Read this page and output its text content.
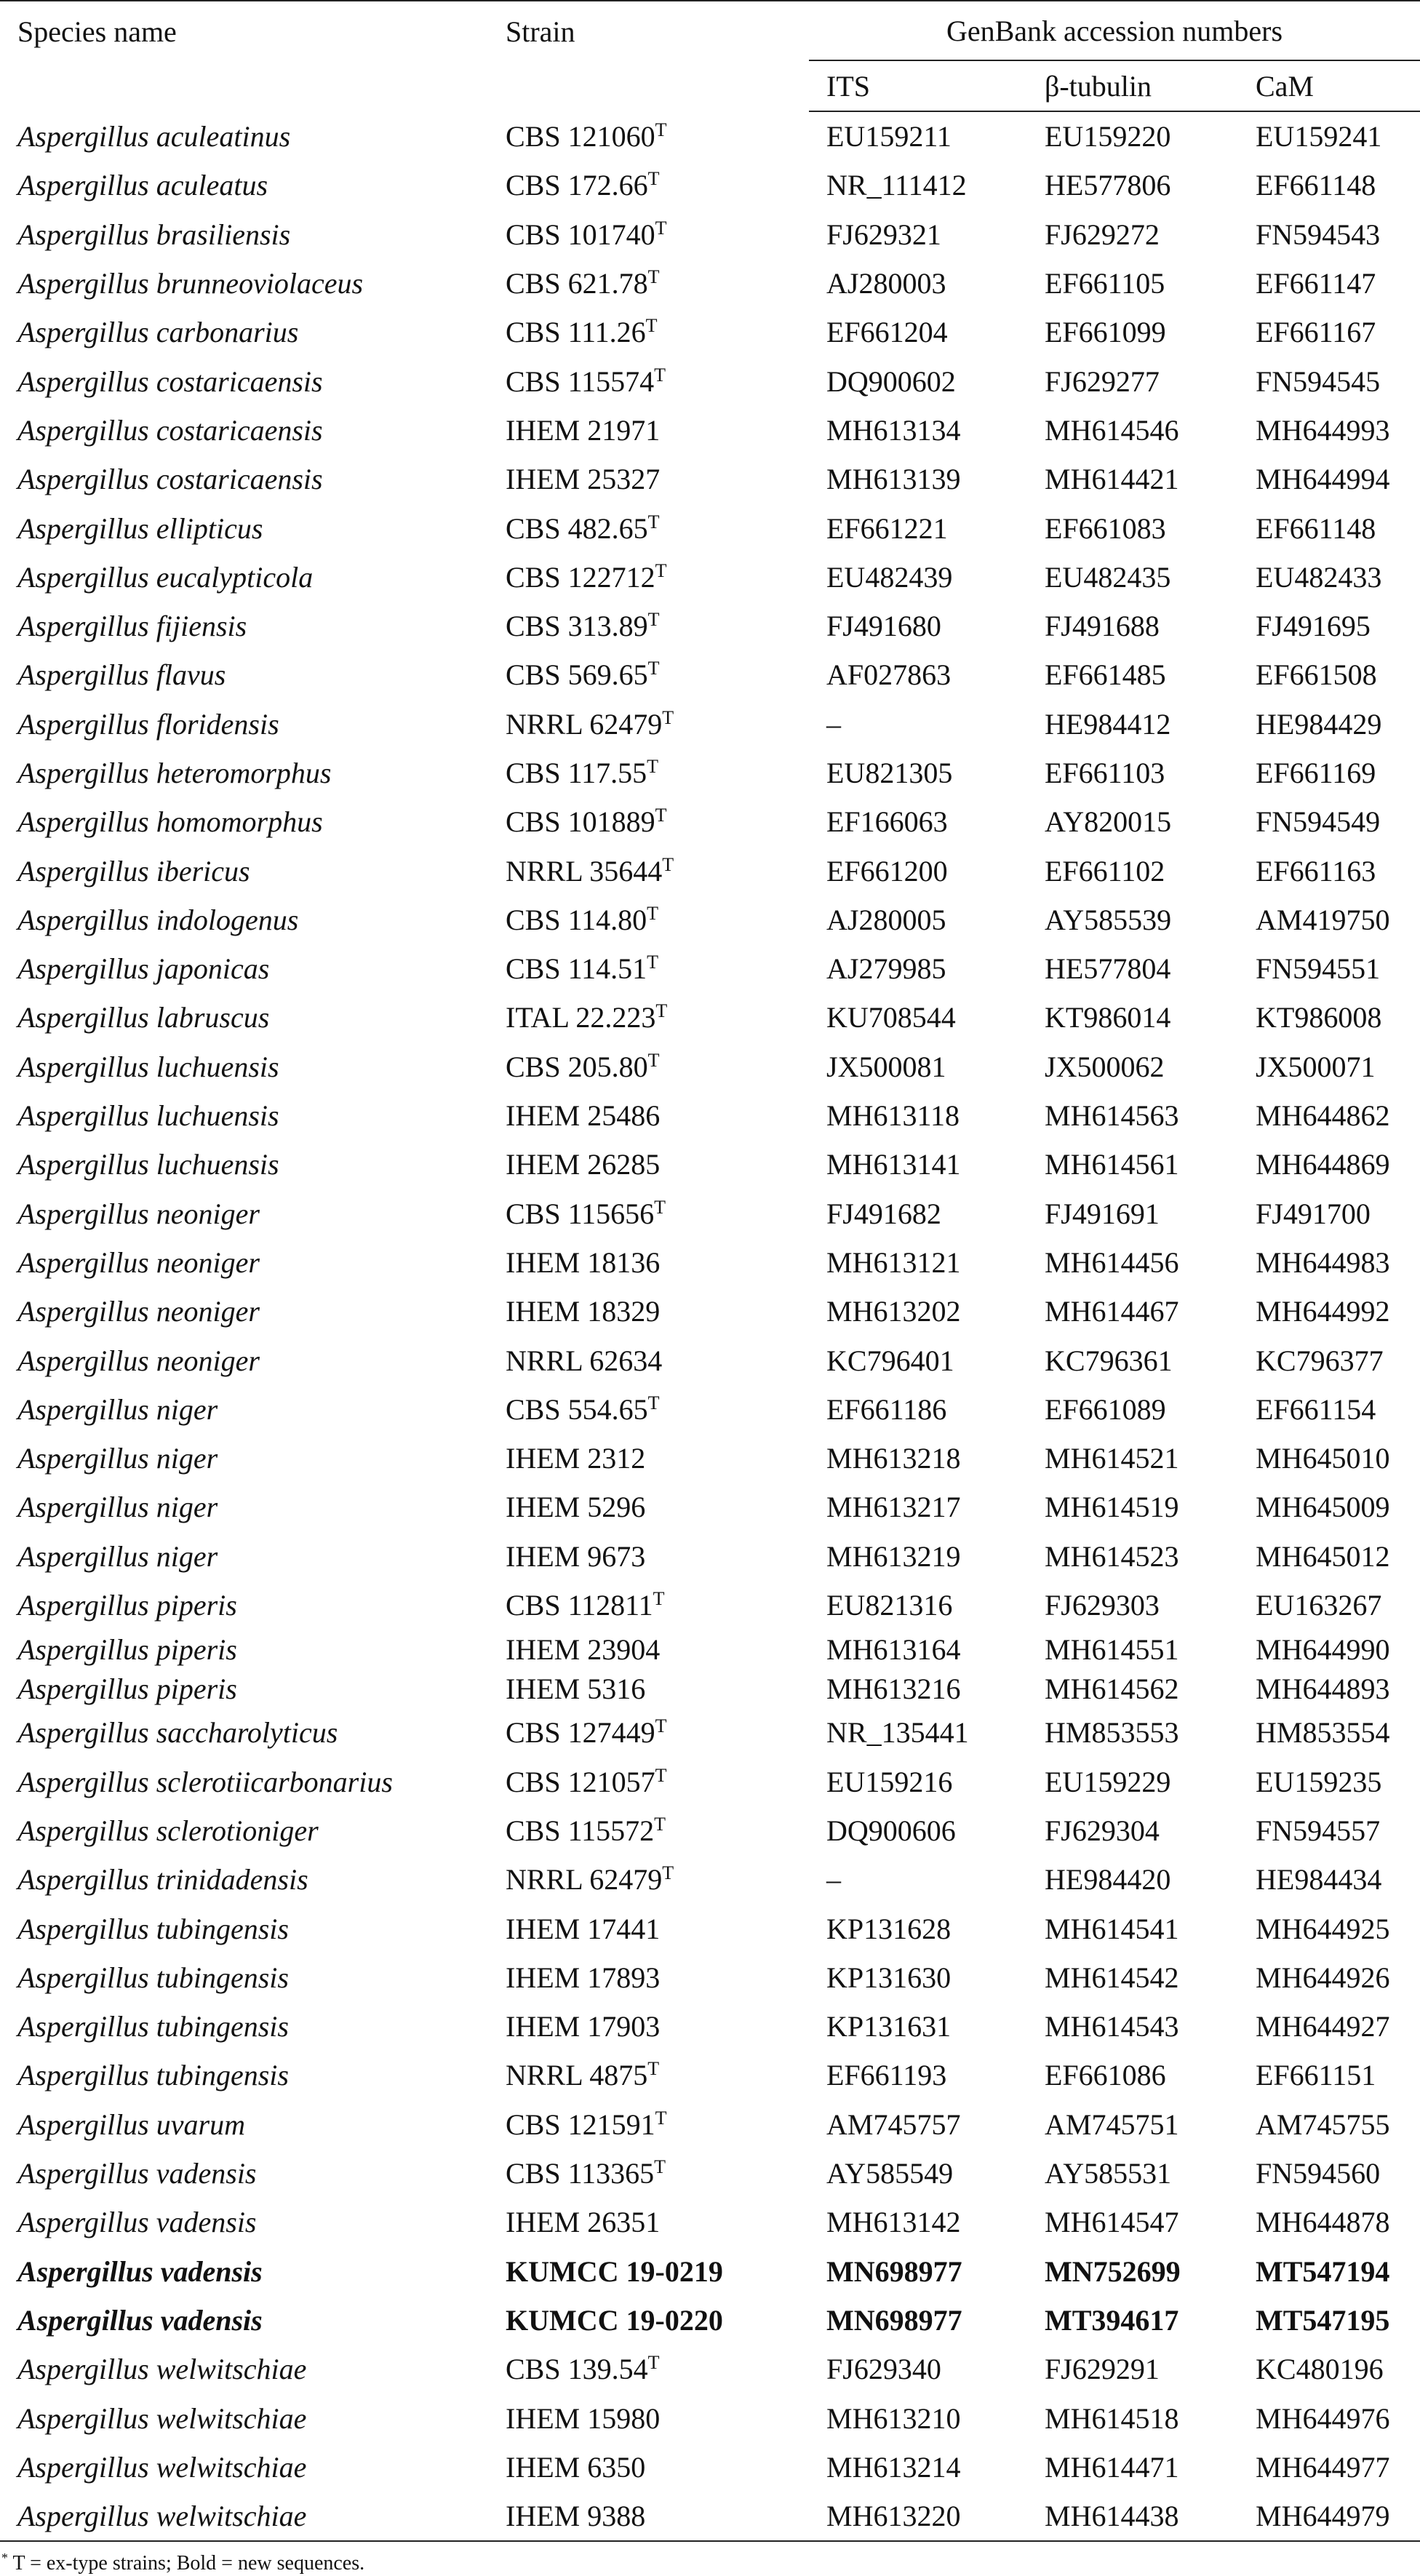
Species name	Strain	GenBank accession numbers		
		ITS	β-tubulin	CaM
Aspergillus aculeatinus	CBS $121060^T$	EU159211	EU159220	EU159241
Aspergillus aculeatus	CBS $172.66^T$	NR_111412	HE577806	EF661148
Aspergillus brasiliensis	CBS $101740^T$	FJ629321	FJ629272	FN594543
Aspergillus brunneoviolaceus	CBS $621.78^T$	AJ280003	EF661105	EF661147
Aspergillus carbonarius	CBS $111.26^T$	EF661204	EF661099	EF661167
Aspergillus costaricaensis	CBS $115574^T$	DQ900602	FJ629277	FN594545
Aspergillus costaricaensis	IHEM 21971	MH613134	MH614546	MH644993
Aspergillus costaricaensis	IHEM 25327	MH613139	MH614421	MH644994
Aspergillus ellipticus	CBS $482.65^T$	EF661221	EF661083	EF661148
Aspergillus eucalypticola	CBS $122712^T$	EU482439	EU482435	EU482433
Aspergillus fijiensis	CBS $313.89^T$	FJ491680	FJ491688	FJ491695
Aspergillus flavus	CBS $569.65^T$	AF027863	EF661485	EF661508
Aspergillus floridensis	NRRL $62479^T$	–	HE984412	HE984429
Aspergillus heteromorphus	CBS $117.55^T$	EU821305	EF661103	EF661169
Aspergillus homomorphus	CBS $101889^T$	EF166063	AY820015	FN594549
Aspergillus ibericus	NRRL $35644^T$	EF661200	EF661102	EF661163
Aspergillus indologenus	CBS $114.80^T$	AJ280005	AY585539	AM419750
Aspergillus japonicas	CBS $114.51^T$	AJ279985	HE577804	FN594551
Aspergillus labruscus	ITAL $22.223^T$	KU708544	KT986014	KT986008
Aspergillus luchuensis	CBS $205.80^T$	JX500081	JX500062	JX500071
Aspergillus luchuensis	IHEM 25486	MH613118	MH614563	MH644862
Aspergillus luchuensis	IHEM 26285	MH613141	MH614561	MH644869
Aspergillus neoniger	CBS $115656^T$	FJ491682	FJ491691	FJ491700
Aspergillus neoniger	IHEM 18136	MH613121	MH614456	MH644983
Aspergillus neoniger	IHEM 18329	MH613202	MH614467	MH644992
Aspergillus neoniger	NRRL 62634	KC796401	KC796361	KC796377
Aspergillus niger	CBS $554.65^T$	EF661186	EF661089	EF661154
Aspergillus niger	IHEM 2312	MH613218	MH614521	MH645010
Aspergillus niger	IHEM 5296	MH613217	MH614519	MH645009
Aspergillus niger	IHEM 9673	MH613219	MH614523	MH645012
Aspergillus piperis	CBS $112811^T$	EU821316	FJ629303	EU163267
Aspergillus piperis	IHEM 23904	MH613164	MH614551	MH644990
Aspergillus piperis	IHEM 5316	MH613216	MH614562	MH644893
Aspergillus saccharolyticus	CBS $127449^T$	NR_135441	HM853553	HM853554
Aspergillus sclerotiicarbonarius	CBS $121057^T$	EU159216	EU159229	EU159235
Aspergillus sclerotioniger	CBS $115572^T$	DQ900606	FJ629304	FN594557
Aspergillus trinidadensis	NRRL $62479^T$	–	HE984420	HE984434
Aspergillus tubingensis	IHEM 17441	KP131628	MH614541	MH644925
Aspergillus tubingensis	IHEM 17893	KP131630	MH614542	MH644926
Aspergillus tubingensis	IHEM 17903	KP131631	MH614543	MH644927
Aspergillus tubingensis	NRRL $4875^T$	EF661193	EF661086	EF661151
Aspergillus uvarum	CBS $121591^T$	AM745757	AM745751	AM745755
Aspergillus vadensis	CBS $113365^T$	AY585549	AY585531	FN594560
Aspergillus vadensis	IHEM 26351	MH613142	MH614547	MH644878
Aspergillus vadensis	KUMCC 19-0219	MN698977	MN752699	MT547194
Aspergillus vadensis	KUMCC 19-0220	MN698977	MT394617	MT547195
Aspergillus welwitschiae	CBS $139.54^T$	FJ629340	FJ629291	KC480196
Aspergillus welwitschiae	IHEM 15980	MH613210	MH614518	MH644976
Aspergillus welwitschiae	IHEM 6350	MH613214	MH614471	MH644977
Aspergillus welwitschiae	IHEM 9388	MH613220	MH614438	MH644979
* T = ex-type strains; Bold = new sequences.
